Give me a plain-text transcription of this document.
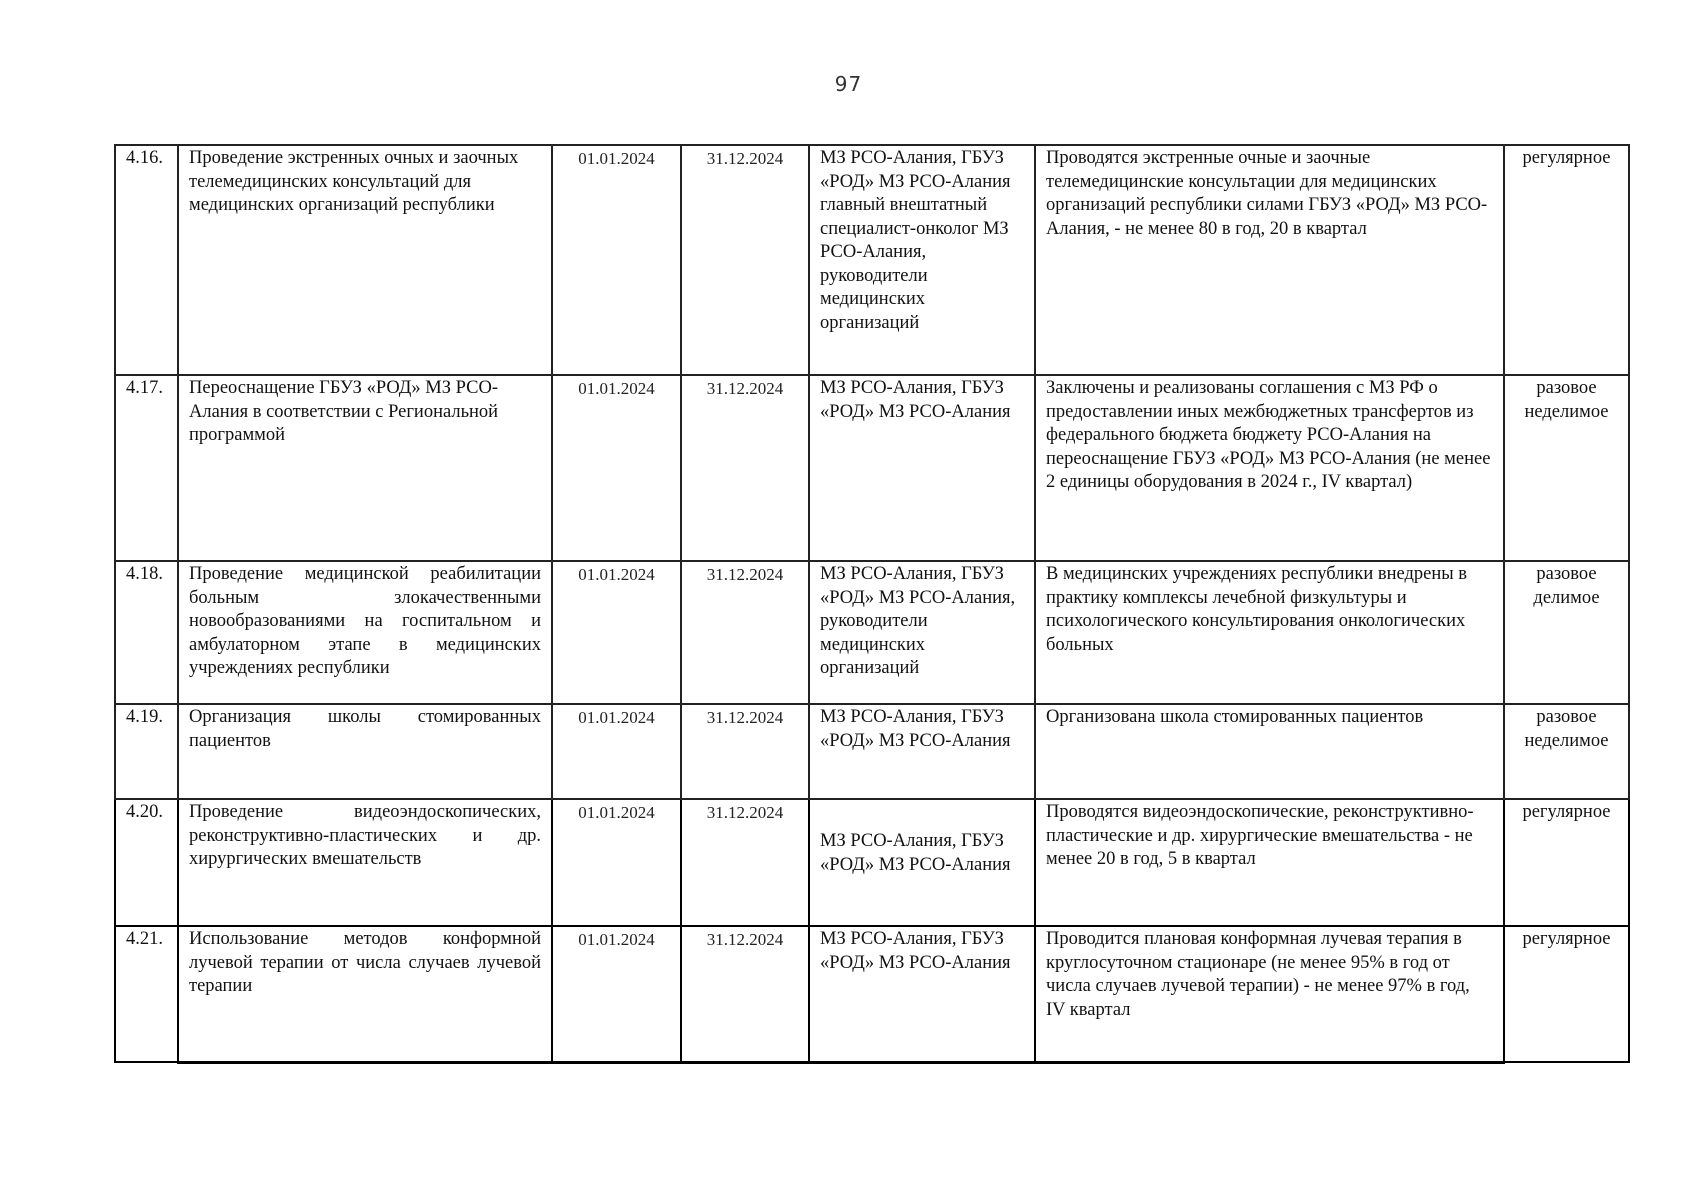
97
4.16.	Проведение экстренных очных и заочных телемедицинских консультаций для медицинских организаций республики	01.01.2024	31.12.2024	МЗ РСО-Алания, ГБУЗ «РОД» МЗ РСО-Алания главный внештатный специалист-онколог МЗ РСО-Алания, руководители медицинских организаций	Проводятся экстренные очные и заочные телемедицинские консультации для медицинских организаций республики силами ГБУЗ «РОД» МЗ РСО-Алания, - не менее 80 в год, 20 в квартал	регулярное
4.17.	Переоснащение ГБУЗ «РОД» МЗ РСО-Алания в соответствии с Региональной программой	01.01.2024	31.12.2024	МЗ РСО-Алания, ГБУЗ «РОД» МЗ РСО-Алания	Заключены и реализованы соглашения с МЗ РФ о предоставлении иных межбюджетных трансфертов из федерального бюджета бюджету РСО-Алания на переоснащение ГБУЗ «РОД» МЗ РСО-Алания (не менее 2 единицы оборудования в 2024 г., IV квартал)	разовое неделимое
4.18.	Проведение медицинской реабилитации больным злокачественными новообразованиями на госпитальном и амбулаторном этапе в медицинских учреждениях республики	01.01.2024	31.12.2024	МЗ РСО-Алания, ГБУЗ «РОД» МЗ РСО-Алания, руководители медицинских организаций	В медицинских учреждениях республики внедрены в практику комплексы лечебной физкультуры и психологического консультирования онкологических больных	разовое делимое
4.19.	Организация школы стомированных пациентов	01.01.2024	31.12.2024	МЗ РСО-Алания, ГБУЗ «РОД» МЗ РСО-Алания	Организована школа стомированных пациентов	разовое неделимое
4.20.	Проведение видеоэндоскопических, реконструктивно-пластических и др. хирургических вмешательств	01.01.2024	31.12.2024	МЗ РСО-Алания, ГБУЗ «РОД» МЗ РСО-Алания	Проводятся видеоэндоскопические, реконструктивно-пластические и др. хирургические вмешательства - не менее 20 в год, 5 в квартал	регулярное
4.21.	Использование методов конформной лучевой терапии от числа случаев лучевой терапии	01.01.2024	31.12.2024	МЗ РСО-Алания, ГБУЗ «РОД» МЗ РСО-Алания	Проводится плановая конформная лучевая терапия в круглосуточном стационаре (не менее 95% в год от числа случаев лучевой терапии) - не менее 97% в год, IV квартал	регулярное
